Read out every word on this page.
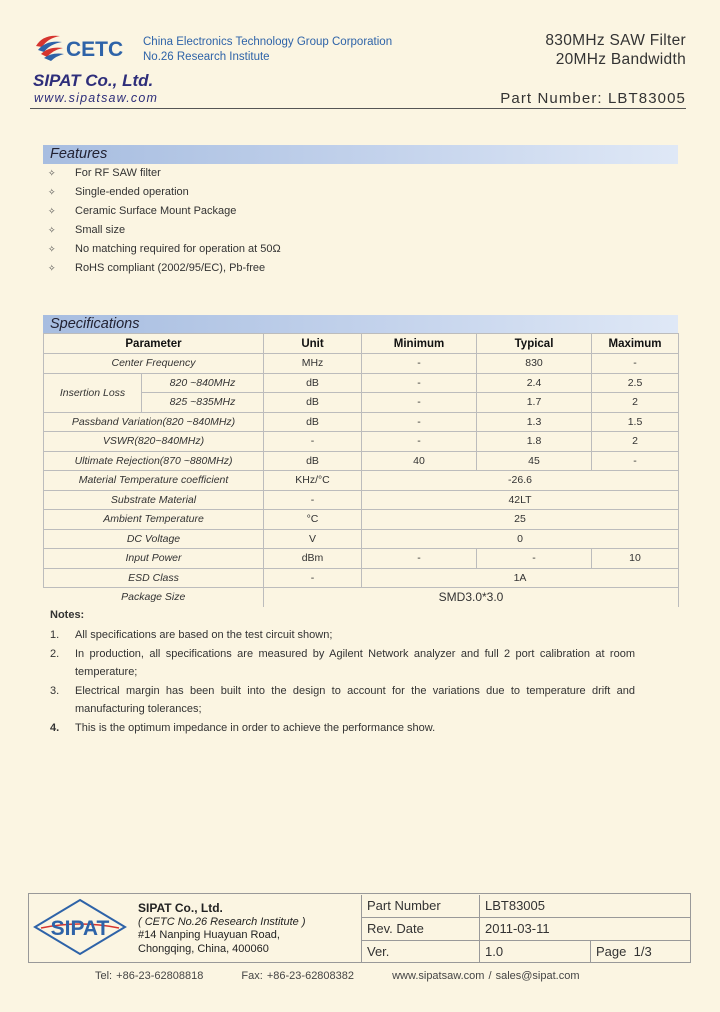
CETC China Electronics Technology Group Corporation
No.26 Research Institute
830MHz SAW Filter
20MHz Bandwidth
SIPAT Co., Ltd.
www.sipatsaw.com	Part Number: LBT83005
Features
✧	For RF SAW filter
✧	Single-ended operation
✧	Ceramic Surface Mount Package
✧	Small size
✧	No matching required for operation at 50Ω
✧	RoHS compliant (2002/95/EC), Pb-free
Specifications
Parameter		Unit	Minimum	Typical	Maximum
Center Frequency		MHz	-	830	-
Insertion Loss	820 ~840MHz	dB	-	2.4	2.5
	825 ~835MHz	dB	-	1.7	2
Passband Variation(820 ~840MHz)		dB	-	1.3	1.5
VSWR(820~840MHz)		-	-	1.8	2
Ultimate Rejection(870 ~880MHz)		dB	40	45	-
Material Temperature coefficient		KHz/°C	-26.6		
Substrate Material		-	42LT		
Ambient Temperature		°C	25		
DC Voltage		V	0		
Input Power		dBm	-	-	10
ESD Class		-	1A		
Package Size		SMD3.0*3.0			
Notes:
1.	All specifications are based on the test circuit shown;
2.	In production, all specifications are measured by Agilent Network analyzer and full 2 port calibration at room temperature;
3.	Electrical margin has been built into the design to account for the variations due to temperature drift and manufacturing tolerances;
4.	This is the optimum impedance in order to achieve the performance show.
SIPAT
SIPAT Co., Ltd.
( CETC No.26 Research Institute )
#14 Nanping Huayuan Road,
Chongqing, China, 400060
Part Number	LBT83005
Rev. Date	2011-03-11
Ver.	1.0	Page 1/3
Tel: +86-23-62808818	Fax: +86-23-62808382	www.sipatsaw.com / sales@sipat.com
